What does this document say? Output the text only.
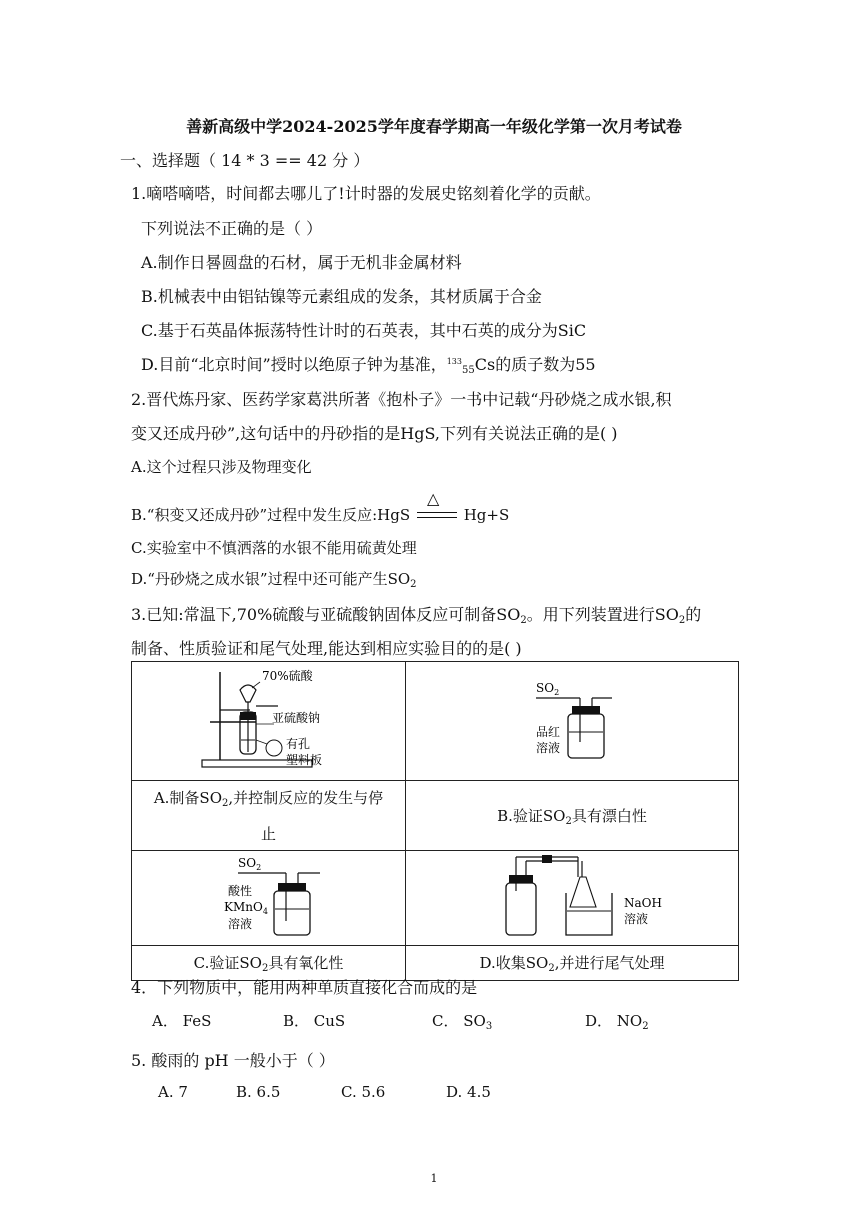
善新高级中学2024-2025学年度春学期高一年级化学第一次月考试卷
一、选择题（ 14 * 3 == 42 分 ）
1.嘀嗒嘀嗒，时间都去哪儿了!计时器的发展史铭刻着化学的贡献。
下列说法不正确的是（ ）
A.制作日晷圆盘的石材，属于无机非金属材料
B.机械表中由铝钴镍等元素组成的发条，其材质属于合金
C.基于石英晶体振荡特性计时的石英表，其中石英的成分为SiC
D.目前“北京时间”授时以绝原子钟为基准，$^{133}_{55}$Cs的质子数为55
2.晋代炼丹家、医药学家葛洪所著《抱朴子》一书中记载“丹砂烧之成水银,积
变又还成丹砂”,这句话中的丹砂指的是HgS,下列有关说法正确的是( )
A.这个过程只涉及物理变化
B.“积变又还成丹砂”过程中发生反应:HgS
△
Hg+S
C.实验室中不慎洒落的水银不能用硫黄处理
D.“丹砂烧之成水银”过程中还可能产生$SO_2$
3.已知:常温下,70%硫酸与亚硫酸钠固体反应可制备$SO_2$。用下列装置进行$SO_2$的
制备、性质验证和尾气处理,能达到相应实验目的的是( )
70%硫酸
亚硫酸钠
有孔
塑料板	$SO_2$
品红
溶液

A.制备$SO_2$,并控制反应的发生与停
止	B.验证$SO_2$具有漂白性

$SO_2$
酸性
KMnO$_4$
溶液	NaOH
溶液

C.验证$SO_2$具有氧化性	D.收集$SO_2$,并进行尾气处理
4．下列物质中，能用两种单质直接化合而成的是
A． FeS	B． CuS	C． $SO_3$	D． $NO_2$
5. 酸雨的 pH 一般小于（ ）
A. 7	B. 6.5	C. 5.6	D. 4.5
1
